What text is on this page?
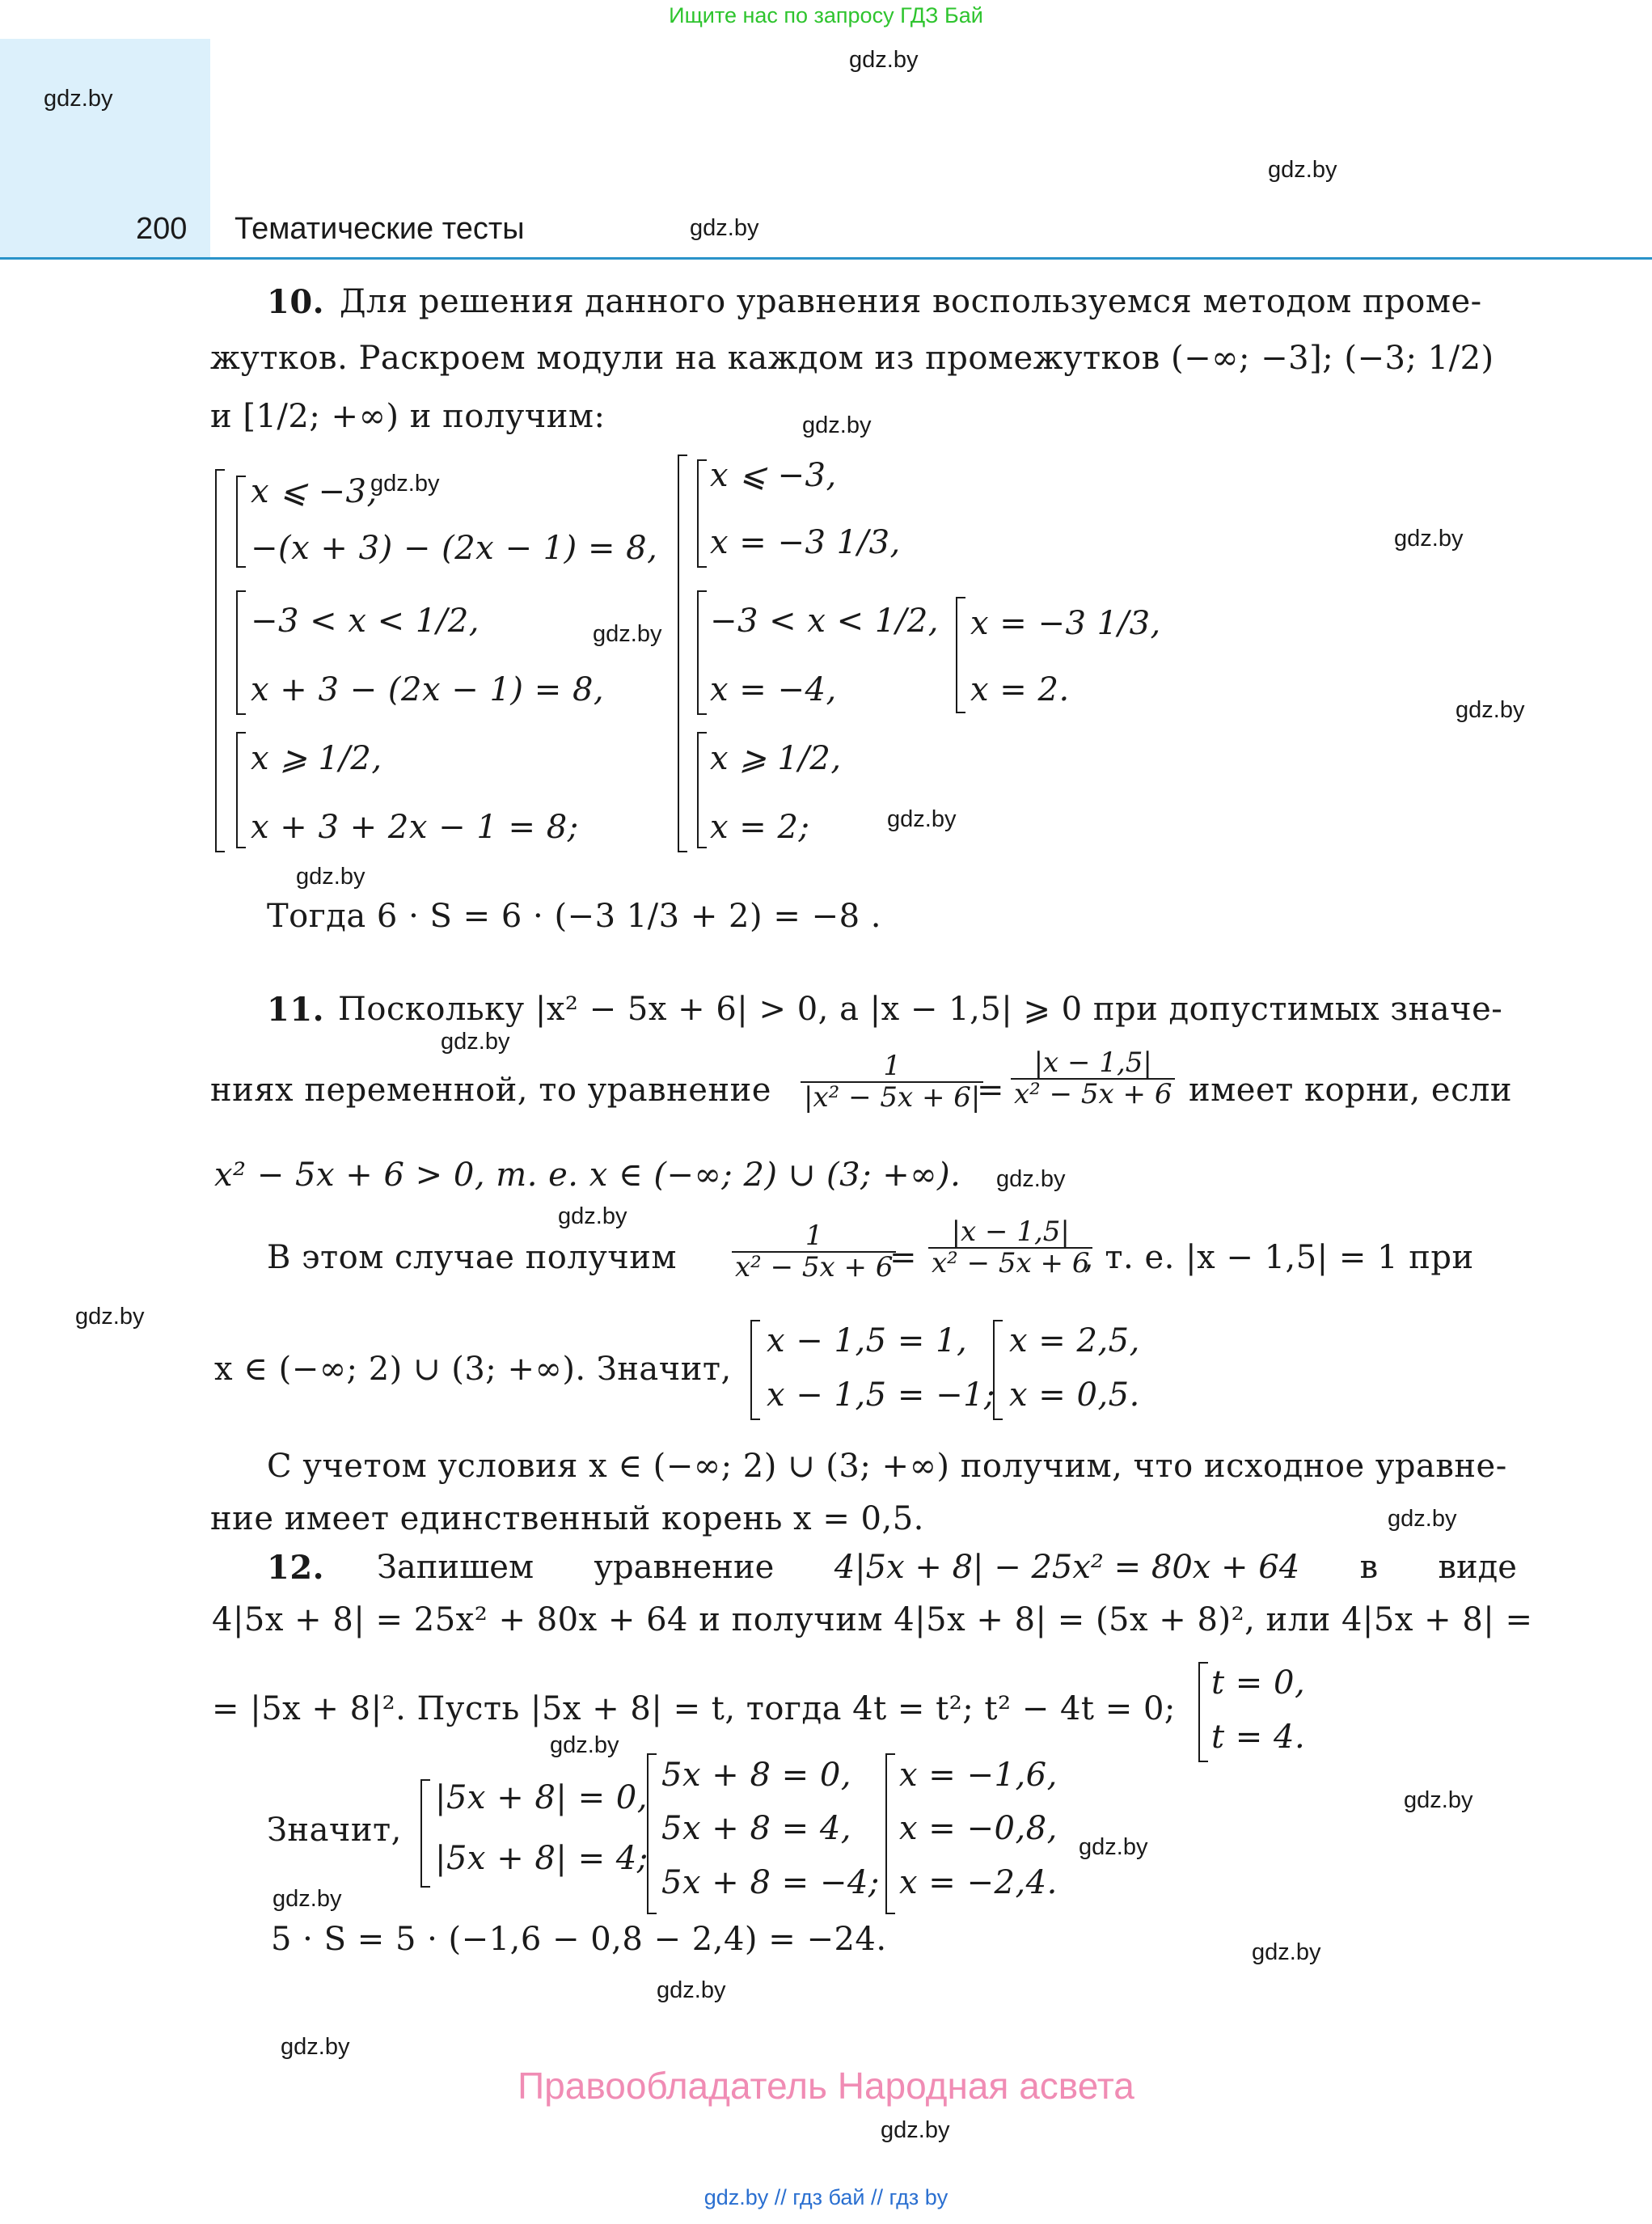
Ищите нас по запросу ГДЗ Бай
200 Тематические тесты
gdz.by
gdz.by
gdz.by
gdz.by
gdz.by
gdz.by
gdz.by
gdz.by
gdz.by
gdz.by
gdz.by
gdz.by
gdz.by
gdz.by
gdz.by
gdz.by
gdz.by
gdz.by
gdz.by
gdz.by
gdz.by
gdz.by
gdz.by
gdz.by
10. Для решения данного уравнения воспользуемся методом проме-
жутков. Раскроем модули на каждом из промежутков (−∞; −3]; (−3; 1/2)
и [1/2; +∞) и получим:
x ⩽ −3,
−(x + 3) − (2x − 1) = 8,
−3 < x < 1/2,
x + 3 − (2x − 1) = 8,
x ⩾ 1/2,
x + 3 + 2x − 1 = 8;
x ⩽ −3,
x = −3 1/3,
−3 < x < 1/2,
x = −4,
x ⩾ 1/2,
x = 2;
x = −3 1/3,
x = 2.
Тогда 6 · S = 6 · (−3 1/3 + 2) = −8 .
11. Поскольку |x² − 5x + 6| > 0, а |x − 1,5| ⩾ 0 при допустимых значе-
ниях переменной, то уравнение $\frac{1}{\text{|x² − 5x + 6|}}$
= $\frac{|x - 1,5|}{\text{x² − 5x + 6}}$ имеет корни, если
x² − 5x + 6 > 0, т. е. x ∈ (−∞; 2) ∪ (3; +∞).
В этом случае получим $\frac{1}{\text{x² − 5x + 6}}$
= $\frac{|x - 1,5|}{\text{x² − 5x + 6}}$
, т. е. |x − 1,5| = 1 при
x ∈ (−∞; 2) ∪ (3; +∞). Значит,
x − 1,5 = 1,
x − 1,5 = −1;
x = 2,5,
x = 0,5.
С учетом условия x ∈ (−∞; 2) ∪ (3; +∞) получим, что исходное уравне-
ние имеет единственный корень x = 0,5.
12. Запишем уравнение 4|5x + 8| − 25x² = 80x + 64 в виде
4|5x + 8| = 25x² + 80x + 64 и получим 4|5x + 8| = (5x + 8)², или 4|5x + 8| =
= |5x + 8|². Пусть |5x + 8| = t, тогда 4t = t²; t² − 4t = 0;
t = 0,
t = 4.
Значит,
|5x + 8| = 0,
|5x + 8| = 4;
5x + 8 = 0,
5x + 8 = 4,
5x + 8 = −4;
x = −1,6,
x = −0,8,
x = −2,4.
5 · S = 5 · (−1,6 − 0,8 − 2,4) = −24.
Правообладатель Народная асвета
gdz.by // гдз бай // гдз by
